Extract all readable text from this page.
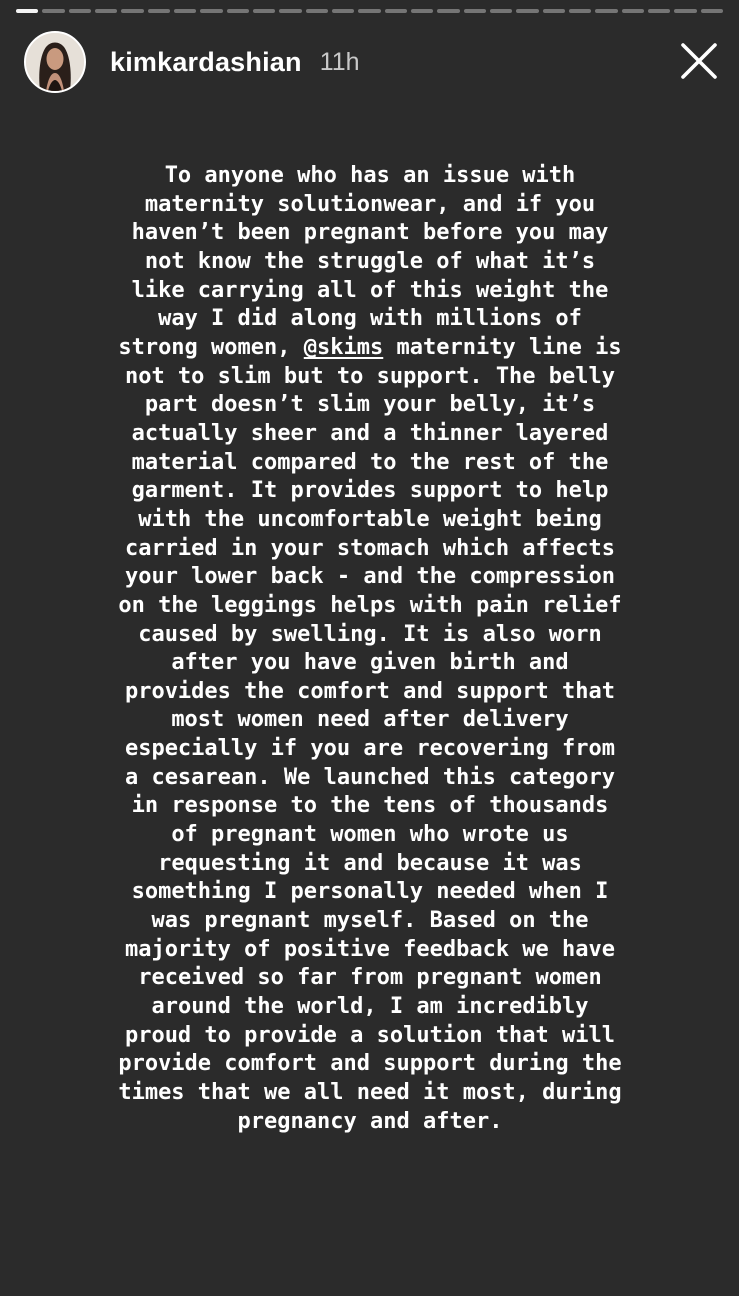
kimkardashian 11h
To anyone who has an issue with
maternity solutionwear, and if you
haven’t been pregnant before you may
not know the struggle of what it’s
like carrying all of this weight the
way I did along with millions of
strong women, @skims maternity line is
not to slim but to support. The belly
part doesn’t slim your belly, it’s
actually sheer and a thinner layered
material compared to the rest of the
garment. It provides support to help
with the uncomfortable weight being
carried in your stomach which affects
your lower back - and the compression
on the leggings helps with pain relief
caused by swelling. It is also worn
after you have given birth and
provides the comfort and support that
most women need after delivery
especially if you are recovering from
a cesarean. We launched this category
in response to the tens of thousands
of pregnant women who wrote us
requesting it and because it was
something I personally needed when I
was pregnant myself. Based on the
majority of positive feedback we have
received so far from pregnant women
around the world, I am incredibly
proud to provide a solution that will
provide comfort and support during the
times that we all need it most, during
pregnancy and after.
